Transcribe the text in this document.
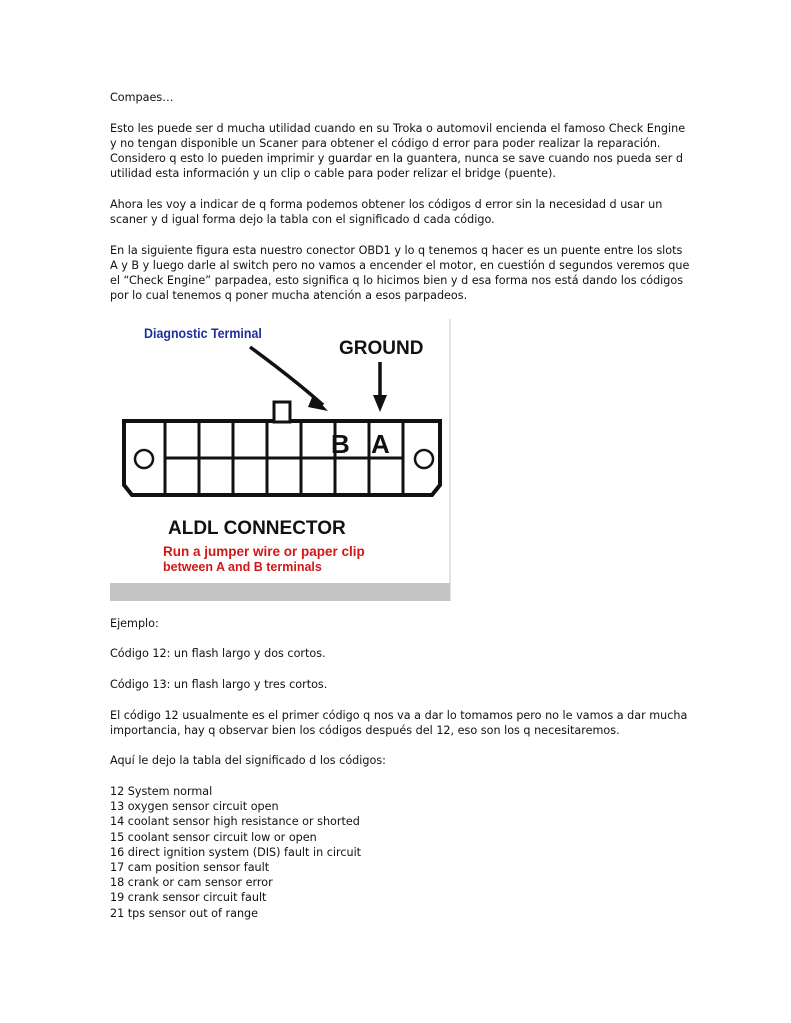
Compaes…

Esto les puede ser d mucha utilidad cuando en su Troka o automovil encienda el famoso Check Engine y no tengan disponible un Scaner para obtener el código d error para poder realizar la reparación. Considero q esto lo pueden imprimir y guardar en la guantera, nunca se save cuando nos pueda ser d utilidad esta información y un clip o cable para poder relizar el bridge (puente).

Ahora les voy a indicar de q forma podemos obtener los códigos d error sin la necesidad d usar un scaner y d igual forma dejo la tabla con el significado d cada código.

En la siguiente figura esta nuestro conector OBD1 y lo q tenemos q hacer es un puente entre los slots A y B y luego darle al switch pero no vamos a encender el motor, en cuestión d segundos veremos que el “Check Engine” parpadea, esto significa q lo hicimos bien y d esa forma nos está dando los códigos por lo cual tenemos q poner mucha atención a esos parpadeos.

Diagnostic Terminal
GROUND
B A
ALDL CONNECTOR
Run a jumper wire or paper clip
between A and B terminals

Ejemplo:

Código 12: un flash largo y dos cortos.

Código 13: un flash largo y tres cortos.

El código 12 usualmente es el primer código q nos va a dar lo tomamos pero no le vamos a dar mucha importancia, hay q observar bien los códigos después del 12, eso son los q necesitaremos.

Aquí le dejo la tabla del significado d los códigos:

12 System normal

13 oxygen sensor circuit open

14 coolant sensor high resistance or shorted

15 coolant sensor circuit low or open

16 direct ignition system (DIS) fault in circuit

17 cam position sensor fault

18 crank or cam sensor error

19 crank sensor circuit fault

21 tps sensor out of range
